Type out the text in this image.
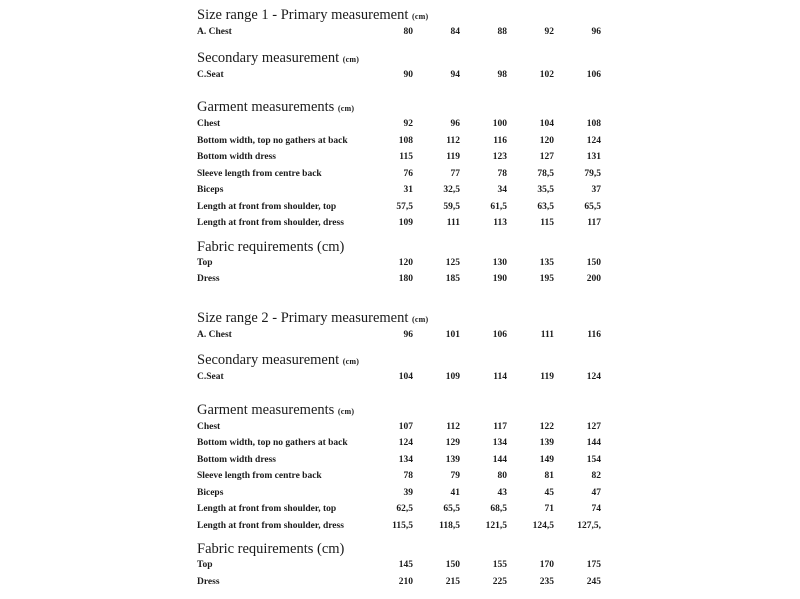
Size range 1 - Primary measurement (cm)
A. Chest	80	84	88	92	96
Secondary measurement (cm)
C.Seat	90	94	98	102	106
Garment measurements (cm)
Chest	92	96	100	104	108
Bottom width, top no gathers at back	108	112	116	120	124
Bottom width dress	115	119	123	127	131
Sleeve length from centre back	76	77	78	78,5	79,5
Biceps	31	32,5	34	35,5	37
Length at front from shoulder, top	57,5	59,5	61,5	63,5	65,5
Length at front from shoulder, dress	109	111	113	115	117
Fabric requirements (cm)
Top	120	125	130	135	150
Dress	180	185	190	195	200
Size range 2 - Primary measurement (cm)
A. Chest	96	101	106	111	116
Secondary measurement (cm)
C.Seat	104	109	114	119	124
Garment measurements (cm)
Chest	107	112	117	122	127
Bottom width, top no gathers at back	124	129	134	139	144
Bottom width dress	134	139	144	149	154
Sleeve length from centre back	78	79	80	81	82
Biceps	39	41	43	45	47
Length at front from shoulder, top	62,5	65,5	68,5	71	74
Length at front from shoulder, dress	115,5	118,5	121,5	124,5	127,5,
Fabric requirements (cm)
Top	145	150	155	170	175
Dress	210	215	225	235	245
